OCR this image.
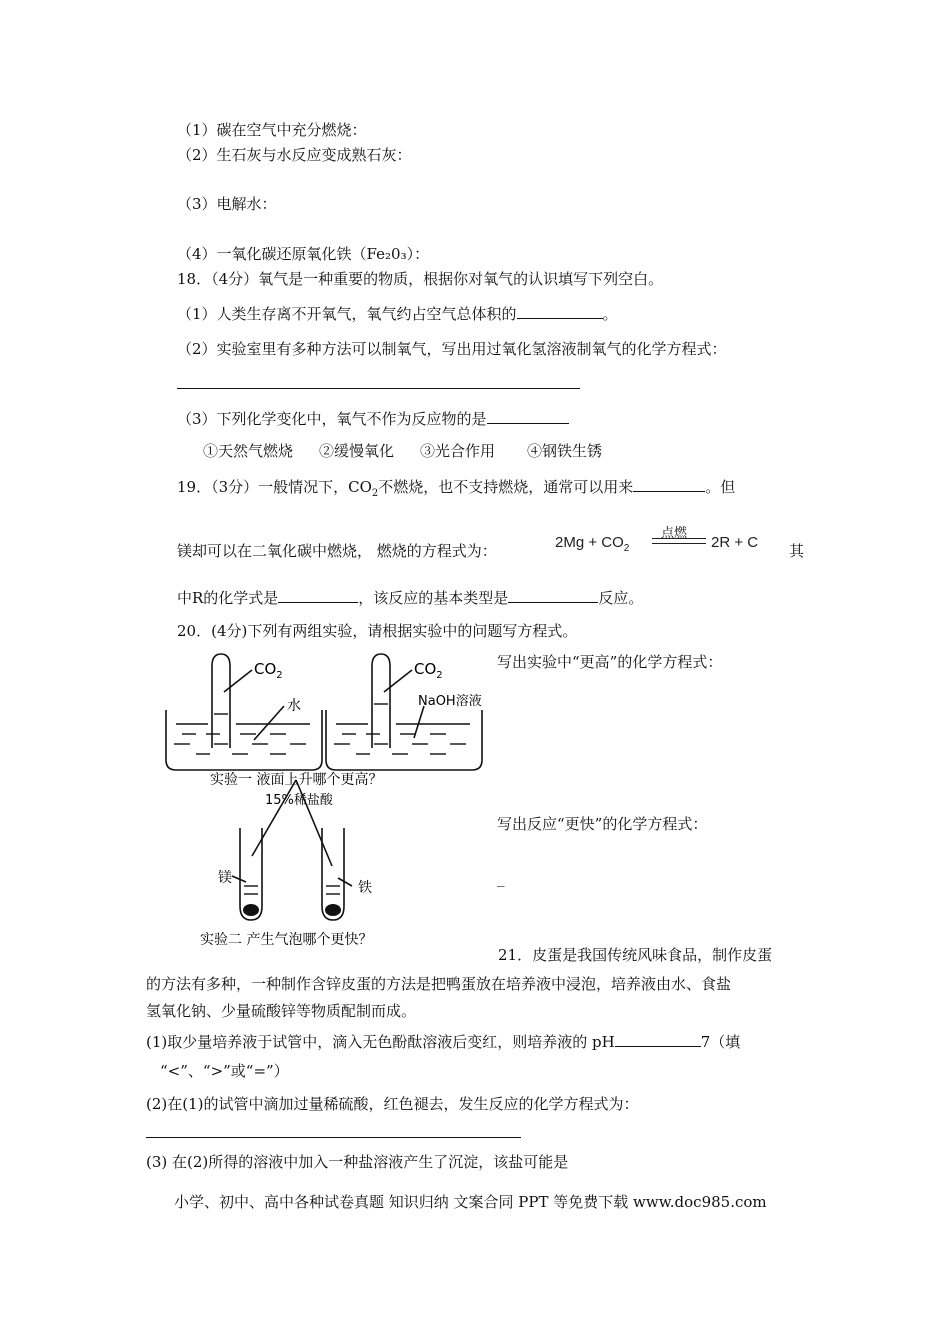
（1）碳在空气中充分燃烧：
（2）生石灰与水反应变成熟石灰：
（3）电解水：
（4）一氧化碳还原氧化铁（Fe₂0₃）：
18．（4分）氧气是一种重要的物质，根据你对氧气的认识填写下列空白。
（1）人类生存离不开氧气，氧气约占空气总体积的	。
（2）实验室里有多种方法可以制氧气，写出用过氧化氢溶液制氧气的化学方程式：
（3）下列化学变化中，氧气不作为反应物的是
①天然气燃烧 ②缓慢氧化 ③光合作用 ④钢铁生锈
19．（3分）一般情况下，$CO_2$不燃烧，也不支持燃烧，通常可以用来	。但
镁却可以在二氧化碳中燃烧， 燃烧的方程式为：	$2Mg + CO_2$
点燃
2R + C 其
中R的化学式是	，该反应的基本类型是	反应。
20．(4分)下列有两组实验，请根据实验中的问题写方程式。
写出实验中“更高”的化学方程式：
写出反应“更快”的化学方程式：
_
$CO_2$	$CO_2$
水	NaOH溶液
实验一 液面上升哪个更高？
15%稀盐酸
镁
铁
实验二 产生气泡哪个更快？
21．皮蛋是我国传统风味食品，制作皮蛋
的方法有多种，一种制作含锌皮蛋的方法是把鸭蛋放在培养液中浸泡，培养液由水、食盐
氢氧化钠、少量硫酸锌等物质配制而成。
(1)取少量培养液于试管中，滴入无色酚酞溶液后变红，则培养液的 pH	7（填
“<”、“>”或“=”）
(2)在(1)的试管中滴加过量稀硫酸，红色褪去，发生反应的化学方程式为：
(3) 在(2)所得的溶液中加入一种盐溶液产生了沉淀，该盐可能是
小学、初中、高中各种试卷真题 知识归纳 文案合同 PPT 等免费下载 www.doc985.com
